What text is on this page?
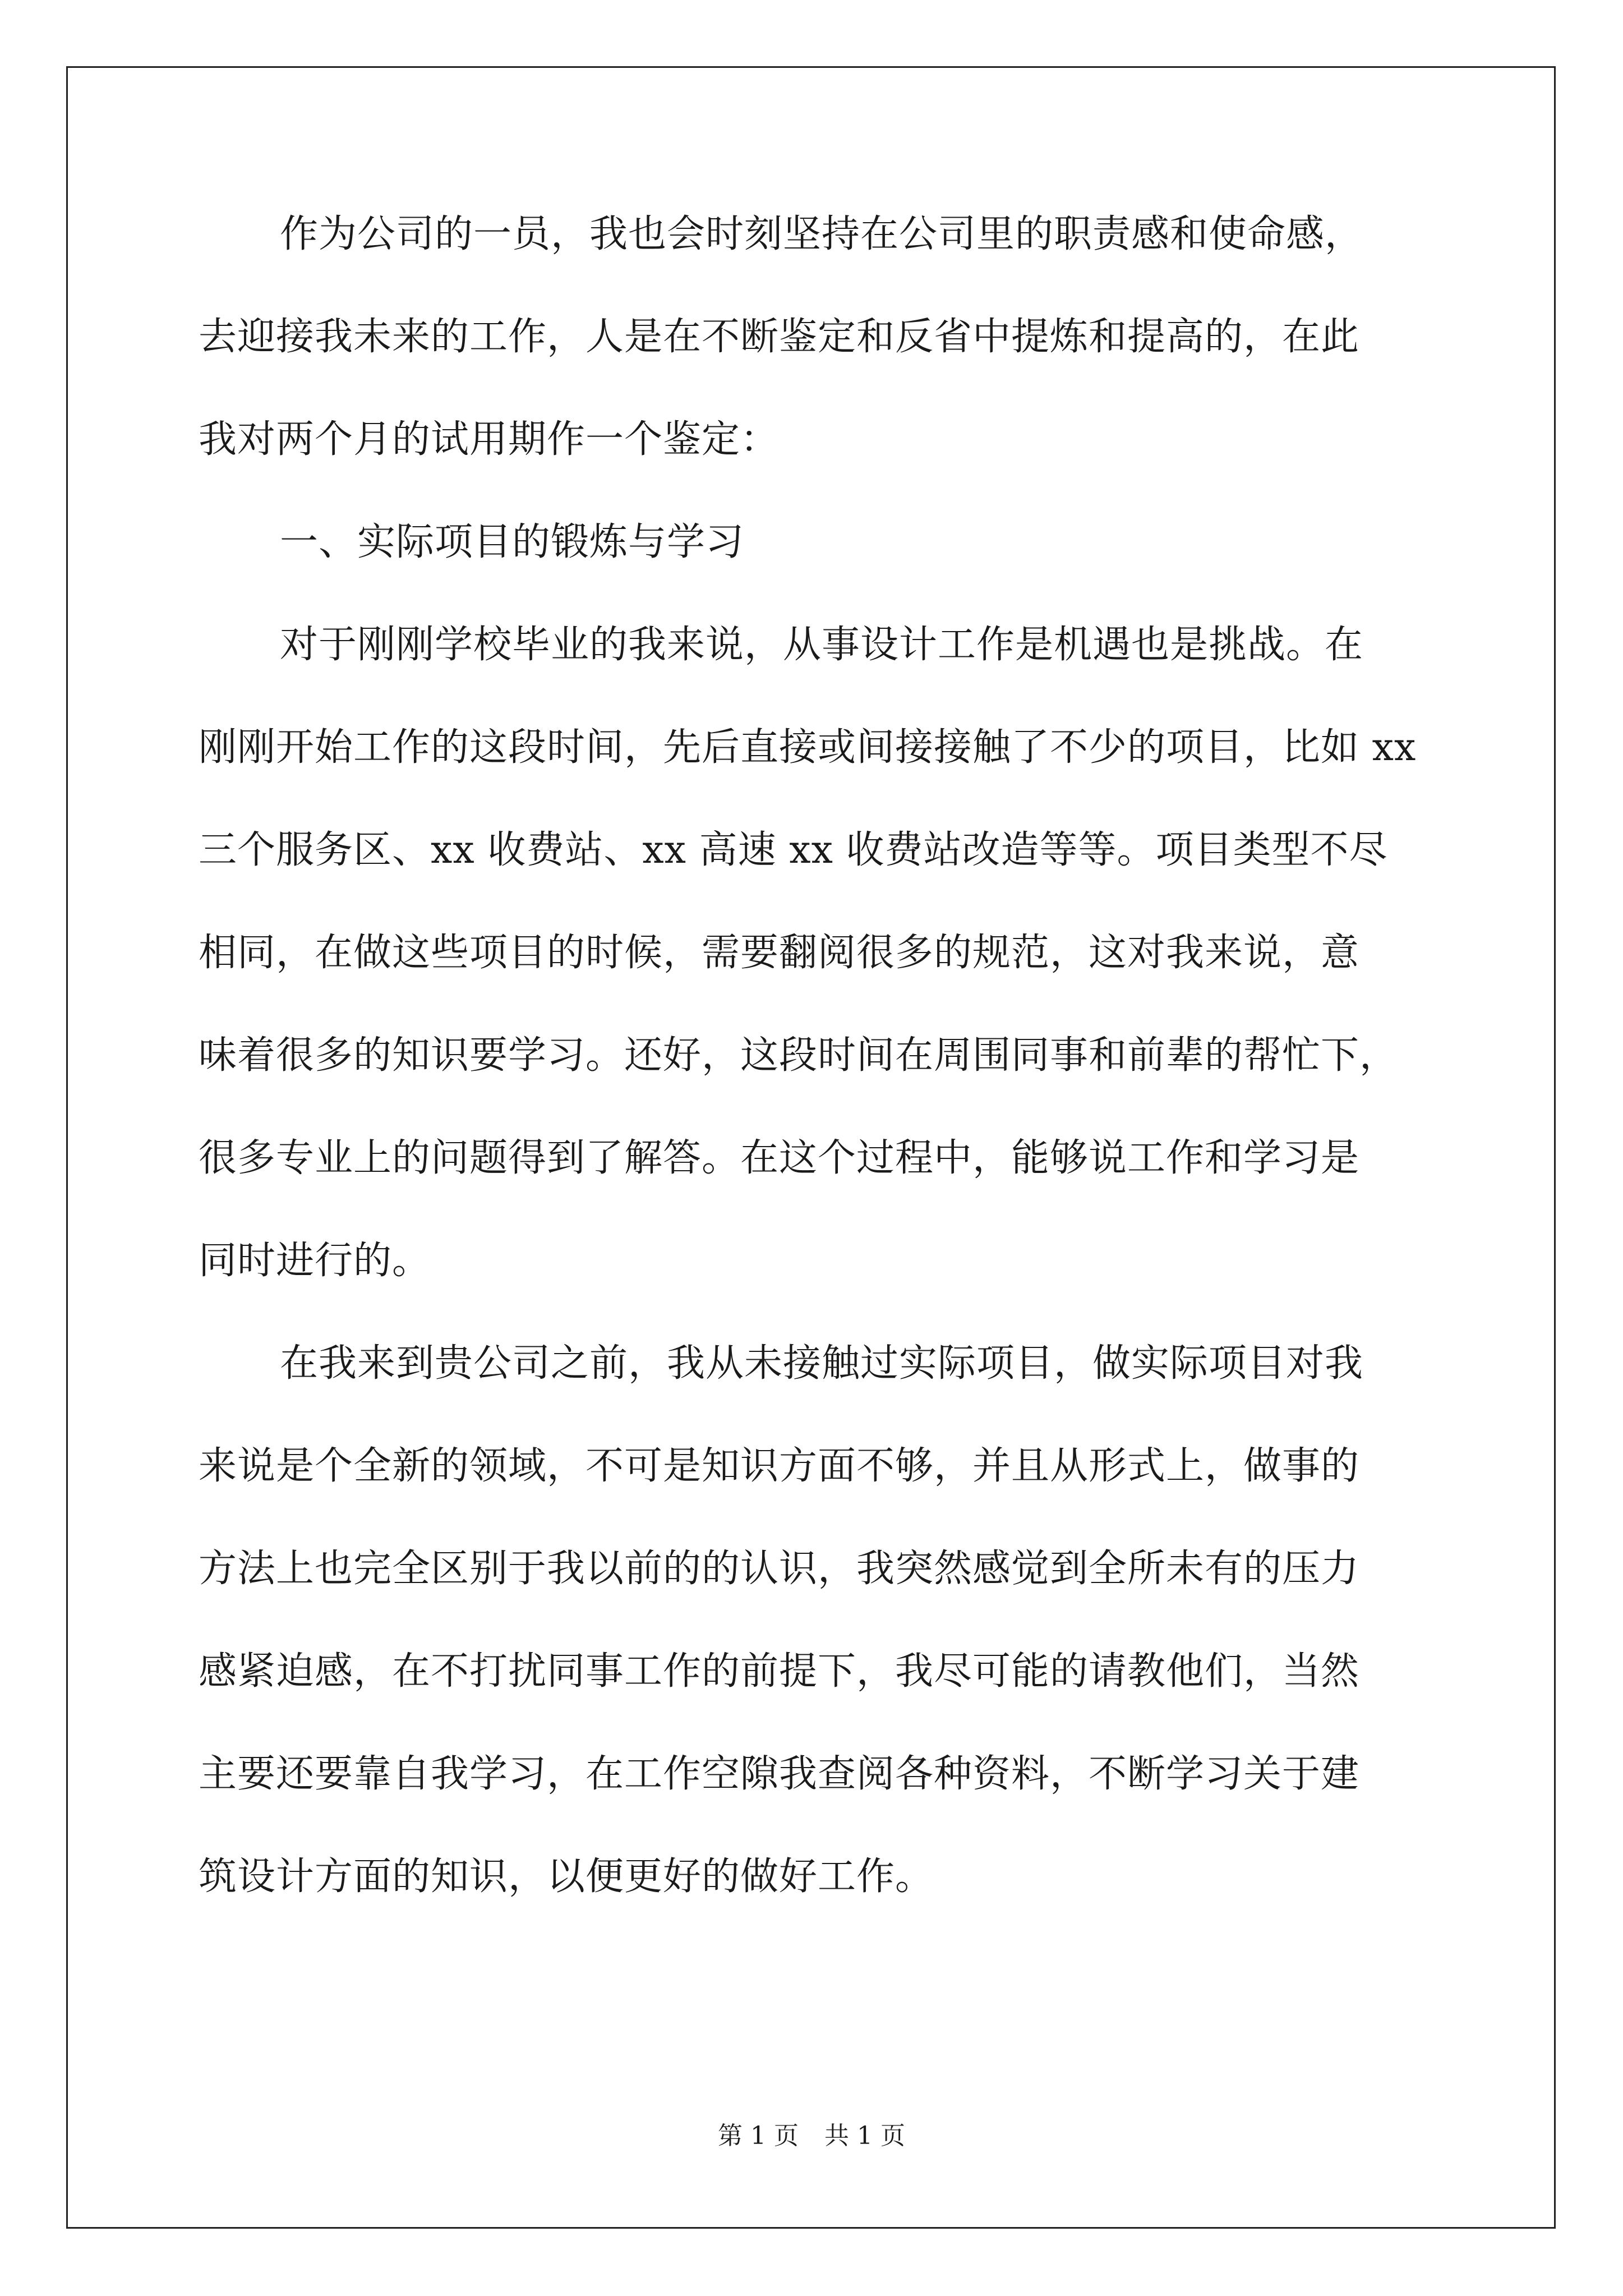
作为公司的一员，我也会时刻坚持在公司里的职责感和使命感，
去迎接我未来的工作，人是在不断鉴定和反省中提炼和提高的，在此
我对两个月的试用期作一个鉴定：
一、实际项目的锻炼与学习
对于刚刚学校毕业的我来说，从事设计工作是机遇也是挑战。在
刚刚开始工作的这段时间，先后直接或间接接触了不少的项目，比如 xx
三个服务区、xx 收费站、xx 高速 xx 收费站改造等等。项目类型不尽
相同，在做这些项目的时候，需要翻阅很多的规范，这对我来说，意
味着很多的知识要学习。还好，这段时间在周围同事和前辈的帮忙下，
很多专业上的问题得到了解答。在这个过程中，能够说工作和学习是
同时进行的。
在我来到贵公司之前，我从未接触过实际项目，做实际项目对我
来说是个全新的领域，不可是知识方面不够，并且从形式上，做事的
方法上也完全区别于我以前的的认识，我突然感觉到全所未有的压力
感紧迫感，在不打扰同事工作的前提下，我尽可能的请教他们，当然
主要还要靠自我学习，在工作空隙我查阅各种资料，不断学习关于建
筑设计方面的知识，以便更好的做好工作。
第 1 页 共 1 页
